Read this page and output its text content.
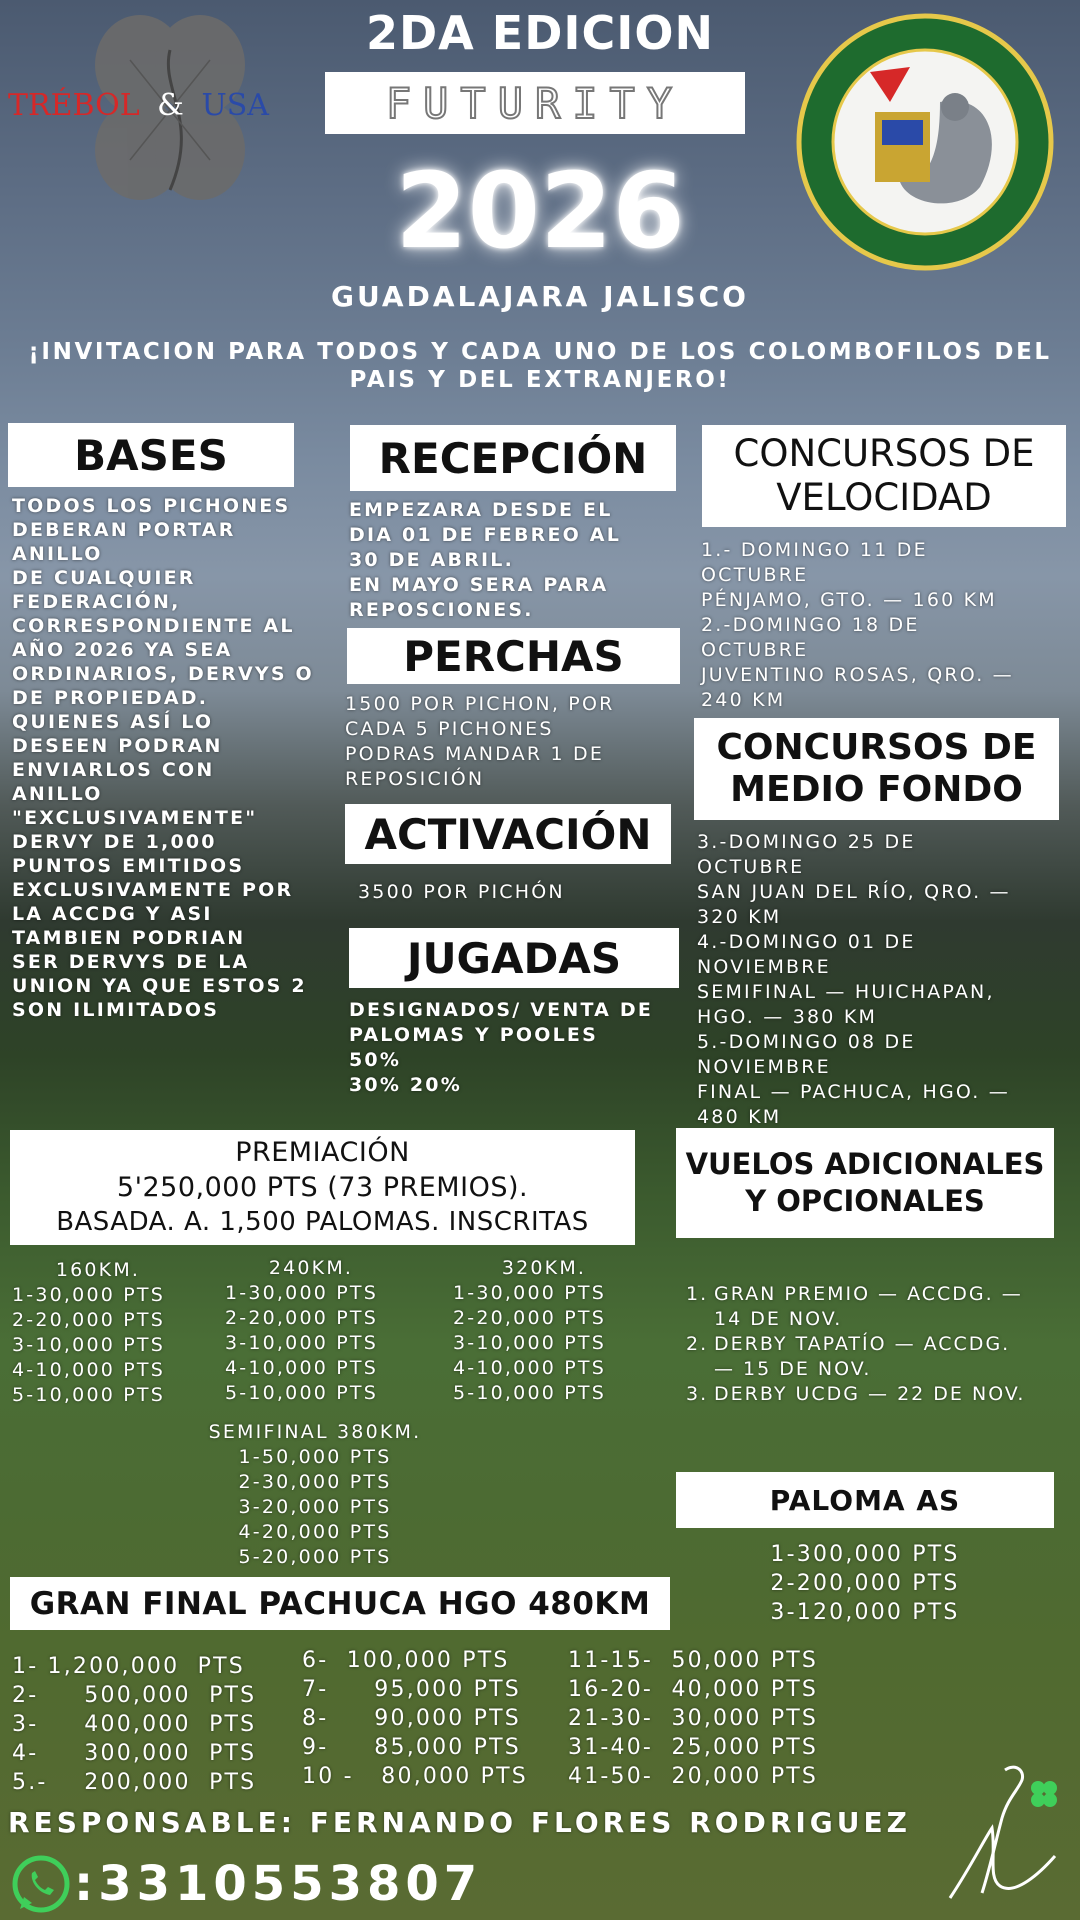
TRÉBOL & USA
2DA EDICION
FUTURITY
2026
GUADALAJARA JALISCO
¡INVITACION PARA TODOS Y CADA UNO DE LOS COLOMBOFILOS DEL
PAIS Y DEL EXTRANJERO!
BASES
TODOS LOS PICHONES
DEBERAN PORTAR
ANILLO
DE CUALQUIER
FEDERACIÓN,
CORRESPONDIENTE AL
AÑO 2026 YA SEA
ORDINARIOS, DERVYS O
DE PROPIEDAD.
QUIENES ASÍ LO
DESEEN PODRAN
ENVIARLOS CON
ANILLO
"EXCLUSIVAMENTE"
DERVY DE 1,000
PUNTOS EMITIDOS
EXCLUSIVAMENTE POR
LA ACCDG Y ASI
TAMBIEN PODRIAN
SER DERVYS DE LA
UNION YA QUE ESTOS 2
SON ILIMITADOS
RECEPCIÓN
EMPEZARA DESDE EL
DIA 01 DE FEBREO AL
30 DE ABRIL.
EN MAYO SERA PARA
REPOSCIONES.
PERCHAS
1500 POR PICHON, POR
CADA 5 PICHONES
PODRAS MANDAR 1 DE
REPOSICIÓN
ACTIVACIÓN
3500 POR PICHÓN
JUGADAS
DESIGNADOS/ VENTA DE
PALOMAS Y POOLES
50%
30% 20%
CONCURSOS DE
VELOCIDAD
1.- DOMINGO 11 DE
OCTUBRE
PÉNJAMO, GTO. — 160 KM
2.-DOMINGO 18 DE
OCTUBRE
JUVENTINO ROSAS, QRO. —
240 KM
CONCURSOS DE
MEDIO FONDO
3.-DOMINGO 25 DE
OCTUBRE
SAN JUAN DEL RÍO, QRO. —
320 KM
4.-DOMINGO 01 DE
NOVIEMBRE
SEMIFINAL — HUICHAPAN,
HGO. — 380 KM
5.-DOMINGO 08 DE
NOVIEMBRE
FINAL — PACHUCA, HGO. —
480 KM
PREMIACIÓN
5'250,000 PTS (73 PREMIOS).
BASADA. A. 1,500 PALOMAS. INSCRITAS
160KM.
1-30,000 PTS
2-20,000 PTS
3-10,000 PTS
4-10,000 PTS
5-10,000 PTS
240KM.
1-30,000 PTS
2-20,000 PTS
3-10,000 PTS
4-10,000 PTS
5-10,000 PTS
320KM.
1-30,000 PTS
2-20,000 PTS
3-10,000 PTS
4-10,000 PTS
5-10,000 PTS
SEMIFINAL 380KM.
1-50,000 PTS
2-30,000 PTS
3-20,000 PTS
4-20,000 PTS
5-20,000 PTS
VUELOS ADICIONALES
Y OPCIONALES
1. GRAN PREMIO — ACCDG. —
14 DE NOV.
2. DERBY TAPATÍO — ACCDG.
— 15 DE NOV.
3. DERBY UCDG — 22 DE NOV.
PALOMA AS
1-300,000 PTS
2-200,000 PTS
3-120,000 PTS
GRAN FINAL PACHUCA HGO 480KM
1- 1,200,000  PTS
2-     500,000  PTS
3-     400,000  PTS
4-     300,000  PTS
5.-    200,000  PTS
6-  100,000 PTS
7-     95,000 PTS
8-     90,000 PTS
9-     85,000 PTS
10 -   80,000 PTS
11-15-  50,000 PTS
16-20-  40,000 PTS
21-30-  30,000 PTS
31-40-  25,000 PTS
41-50-  20,000 PTS
RESPONSABLE: FERNANDO FLORES RODRIGUEZ
:3310553807
